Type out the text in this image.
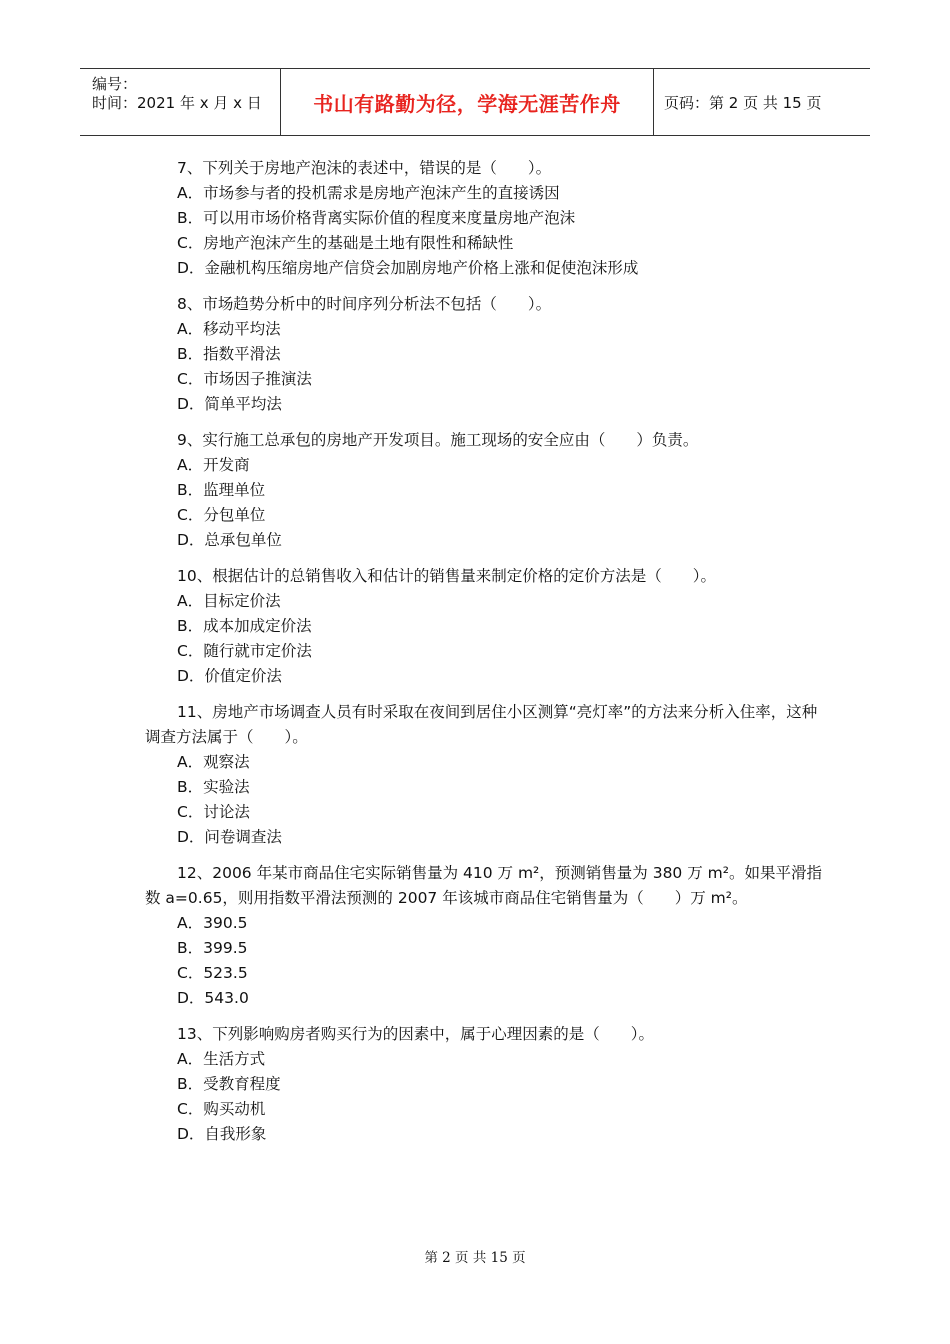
编号：
时间：2021 年 x 月 x 日	书山有路勤为径，学海无涯苦作舟	页码：第 2 页 共 15 页
7、下列关于房地产泡沫的表述中，错误的是（　　）。
A．市场参与者的投机需求是房地产泡沫产生的直接诱因
B．可以用市场价格背离实际价值的程度来度量房地产泡沫
C．房地产泡沫产生的基础是土地有限性和稀缺性
D．金融机构压缩房地产信贷会加剧房地产价格上涨和促使泡沫形成
8、市场趋势分析中的时间序列分析法不包括（　　）。
A．移动平均法
B．指数平滑法
C．市场因子推演法
D．简单平均法
9、实行施工总承包的房地产开发项目。施工现场的安全应由（　　）负责。
A．开发商
B．监理单位
C．分包单位
D．总承包单位
10、根据估计的总销售收入和估计的销售量来制定价格的定价方法是（　　）。
A．目标定价法
B．成本加成定价法
C．随行就市定价法
D．价值定价法
11、房地产市场调查人员有时采取在夜间到居住小区测算“亮灯率”的方法来分析入住率，这种调查方法属于（　　）。
A．观察法
B．实验法
C．讨论法
D．问卷调查法
12、2006 年某市商品住宅实际销售量为 410 万 m²，预测销售量为 380 万 m²。如果平滑指数 a=0.65，则用指数平滑法预测的 2007 年该城市商品住宅销售量为（　　）万 m²。
A．390.5
B．399.5
C．523.5
D．543.0
13、下列影响购房者购买行为的因素中，属于心理因素的是（　　）。
A．生活方式
B．受教育程度
C．购买动机
D．自我形象
第 2 页 共 15 页
